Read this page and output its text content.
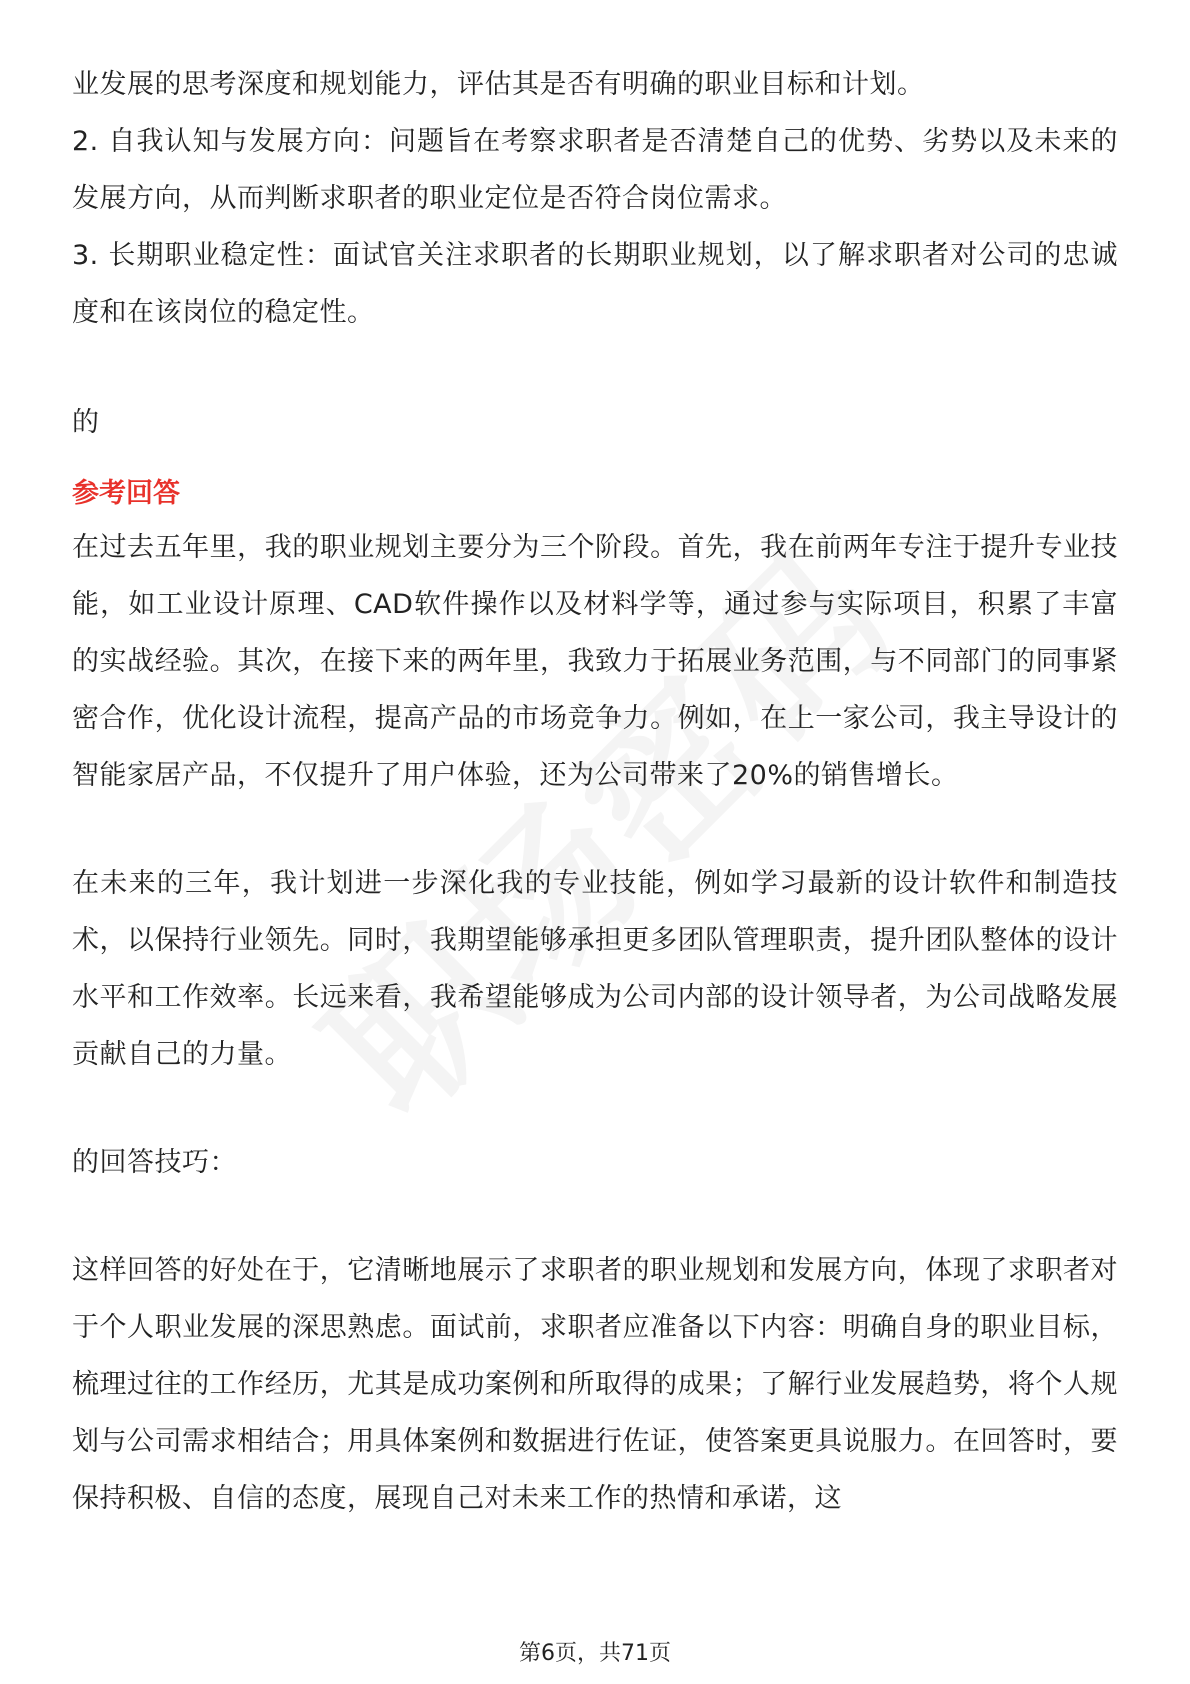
业发展的思考深度和规划能力，评估其是否有明确的职业目标和计划。

2. 自我认知与发展方向：问题旨在考察求职者是否清楚自己的优势、劣势以及未来的发展方向，从而判断求职者的职业定位是否符合岗位需求。

3. 长期职业稳定性：面试官关注求职者的长期职业规划，以了解求职者对公司的忠诚度和在该岗位的稳定性。

的

参考回答

在过去五年里，我的职业规划主要分为三个阶段。首先，我在前两年专注于提升专业技能，如工业设计原理、CAD软件操作以及材料学等，通过参与实际项目，积累了丰富的实战经验。其次，在接下来的两年里，我致力于拓展业务范围，与不同部门的同事紧密合作，优化设计流程，提高产品的市场竞争力。例如，在上一家公司，我主导设计的智能家居产品，不仅提升了用户体验，还为公司带来了20%的销售增长。

在未来的三年，我计划进一步深化我的专业技能，例如学习最新的设计软件和制造技术，以保持行业领先。同时，我期望能够承担更多团队管理职责，提升团队整体的设计水平和工作效率。长远来看，我希望能够成为公司内部的设计领导者，为公司战略发展贡献自己的力量。

的回答技巧：

这样回答的好处在于，它清晰地展示了求职者的职业规划和发展方向，体现了求职者对于个人职业发展的深思熟虑。面试前，求职者应准备以下内容：明确自身的职业目标，梳理过往的工作经历，尤其是成功案例和所取得的成果；了解行业发展趋势，将个人规划与公司需求相结合；用具体案例和数据进行佐证，使答案更具说服力。在回答时，要保持积极、自信的态度，展现自己对未来工作的热情和承诺，这

第6页，共71页
